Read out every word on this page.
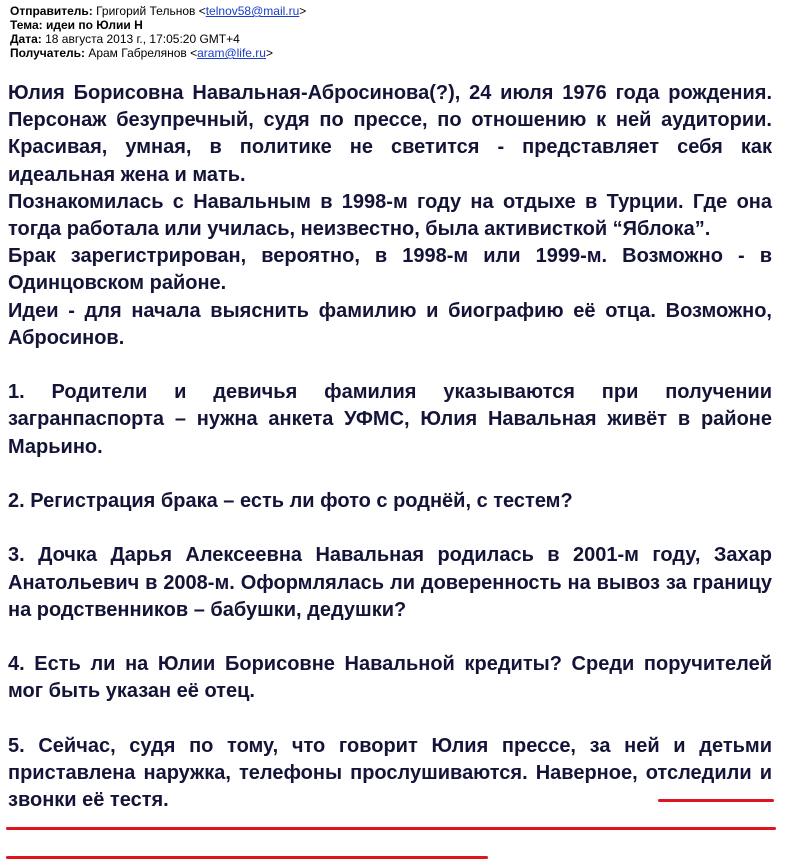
Отправитель: Григорий Тельнов <telnov58@mail.ru>
Тема: идеи по Юлии Н
Дата: 18 августа 2013 г., 17:05:20 GMT+4
Получатель: Арам Габрелянов <aram@life.ru>

Юлия Борисовна Навальная-Абросинова(?), 24 июля 1976 года рождения. Персонаж безупречный, судя по прессе, по отношению к ней аудитории. Красивая, умная, в политике не светится - представляет себя как идеальная жена и мать.

Познакомилась с Навальным в 1998-м году на отдыхе в Турции. Где она тогда работала или училась, неизвестно, была активисткой “Яблока”.

Брак зарегистрирован, вероятно, в 1998-м или 1999-м. Возможно - в Одинцовском районе.

Идеи - для начала выяснить фамилию и биографию её отца. Возможно, Абросинов.

1. Родители и девичья фамилия указываются при получении загранпаспорта – нужна анкета УФМС, Юлия Навальная живёт в районе Марьино.

2. Регистрация брака – есть ли фото с роднёй, с тестем?

3. Дочка Дарья Алексеевна Навальная родилась в 2001-м году, Захар Анатольевич в 2008-м. Оформлялась ли доверенность на вывоз за границу на родственников – бабушки, дедушки?

4. Есть ли на Юлии Борисовне Навальной кредиты? Среди поручителей мог быть указан её отец.

5. Сейчас, судя по тому, что говорит Юлия прессе, за ней и детьми приставлена наружка, телефоны прослушиваются. Наверное, отследили и звонки её тестя.
